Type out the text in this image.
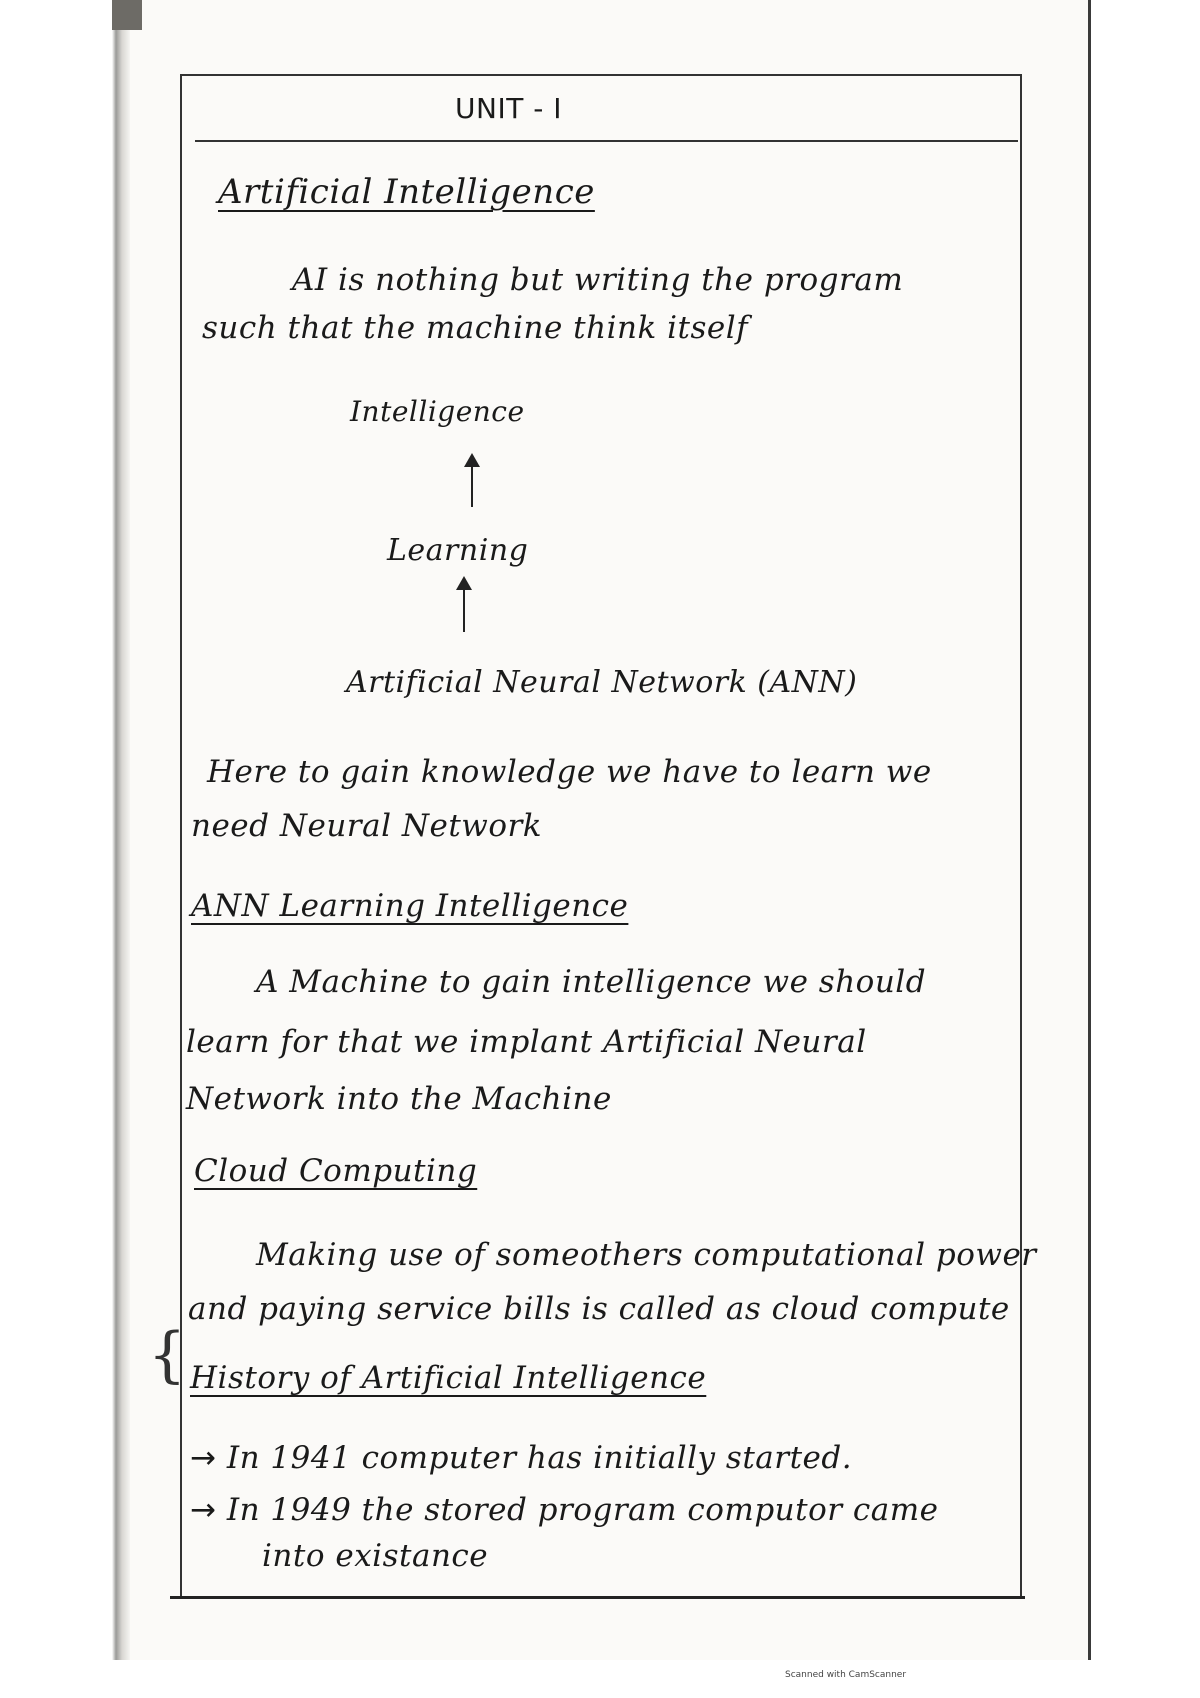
UNIT - I
Artificial Intelligence
AI is nothing but writing the program
such that the machine think itself
Intelligence
Learning
Artificial Neural Network (ANN)
Here to gain knowledge we have to learn we
need Neural Network
ANN Learning Intelligence
A Machine to gain intelligence we should
learn for that we implant Artificial Neural
Network into the Machine
Cloud Computing
Making use of someothers computational power
and paying service bills is called as cloud compute
{ History of Artificial Intelligence
→ In 1941 computer has initially started.
→ In 1949 the stored program computor came
into existance
Scanned with CamScanner
